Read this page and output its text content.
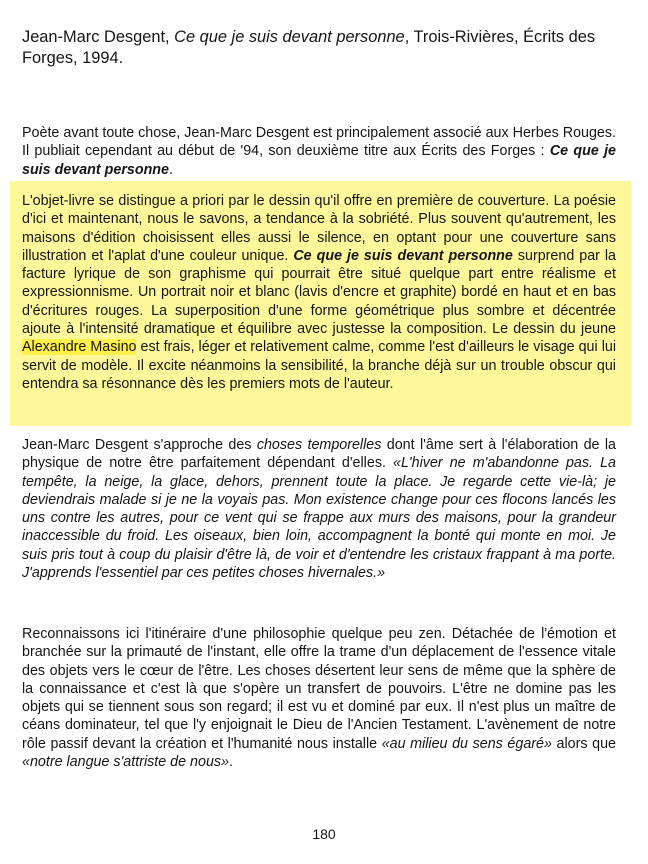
Jean-Marc Desgent, Ce que je suis devant personne, Trois-Rivières, Écrits des Forges, 1994.
Poète avant toute chose, Jean-Marc Desgent est principalement associé aux Herbes Rouges. Il publiait cependant au début de '94, son deuxième titre aux Écrits des Forges : Ce que je suis devant personne.
L'objet-livre se distingue a priori par le dessin qu'il offre en première de couverture. La poésie d'ici et maintenant, nous le savons, a tendance à la sobriété. Plus souvent qu'autrement, les maisons d'édition choisissent elles aussi le silence, en optant pour une couverture sans illustration et l'aplat d'une couleur unique. Ce que je suis devant personne surprend par la facture lyrique de son graphisme qui pourrait être situé quelque part entre réalisme et expressionnisme. Un portrait noir et blanc (lavis d'encre et graphite) bordé en haut et en bas d'écritures rouges. La superposition d'une forme géométrique plus sombre et décentrée ajoute à l'intensité dramatique et équilibre avec justesse la composition. Le dessin du jeune Alexandre Masino est frais, léger et relativement calme, comme l'est d'ailleurs le visage qui lui servit de modèle. Il excite néanmoins la sensibilité, la branche déjà sur un trouble obscur qui entendra sa résonnance dès les premiers mots de l'auteur.
Jean-Marc Desgent s'approche des choses temporelles dont l'âme sert à l'élaboration de la physique de notre être parfaitement dépendant d'elles. «L'hiver ne m'abandonne pas. La tempête, la neige, la glace, dehors, prennent toute la place. Je regarde cette vie-là; je deviendrais malade si je ne la voyais pas. Mon existence change pour ces flocons lancés les uns contre les autres, pour ce vent qui se frappe aux murs des maisons, pour la grandeur inaccessible du froid. Les oiseaux, bien loin, accompagnent la bonté qui monte en moi. Je suis pris tout à coup du plaisir d'être là, de voir et d'entendre les cristaux frappant à ma porte. J'apprends l'essentiel par ces petites choses hivernales.»
Reconnaissons ici l'itinéraire d'une philosophie quelque peu zen. Détachée de l'émotion et branchée sur la primauté de l'instant, elle offre la trame d'un déplacement de l'essence vitale des objets vers le cœur de l'être. Les choses désertent leur sens de même que la sphère de la connaissance et c'est là que s'opère un transfert de pouvoirs. L'être ne domine pas les objets qui se tiennent sous son regard; il est vu et dominé par eux. Il n'est plus un maître de céans dominateur, tel que l'y enjoignait le Dieu de l'Ancien Testament. L'avènement de notre rôle passif devant la création et l'humanité nous installe «au milieu du sens égaré» alors que «notre langue s'attriste de nous».
180
